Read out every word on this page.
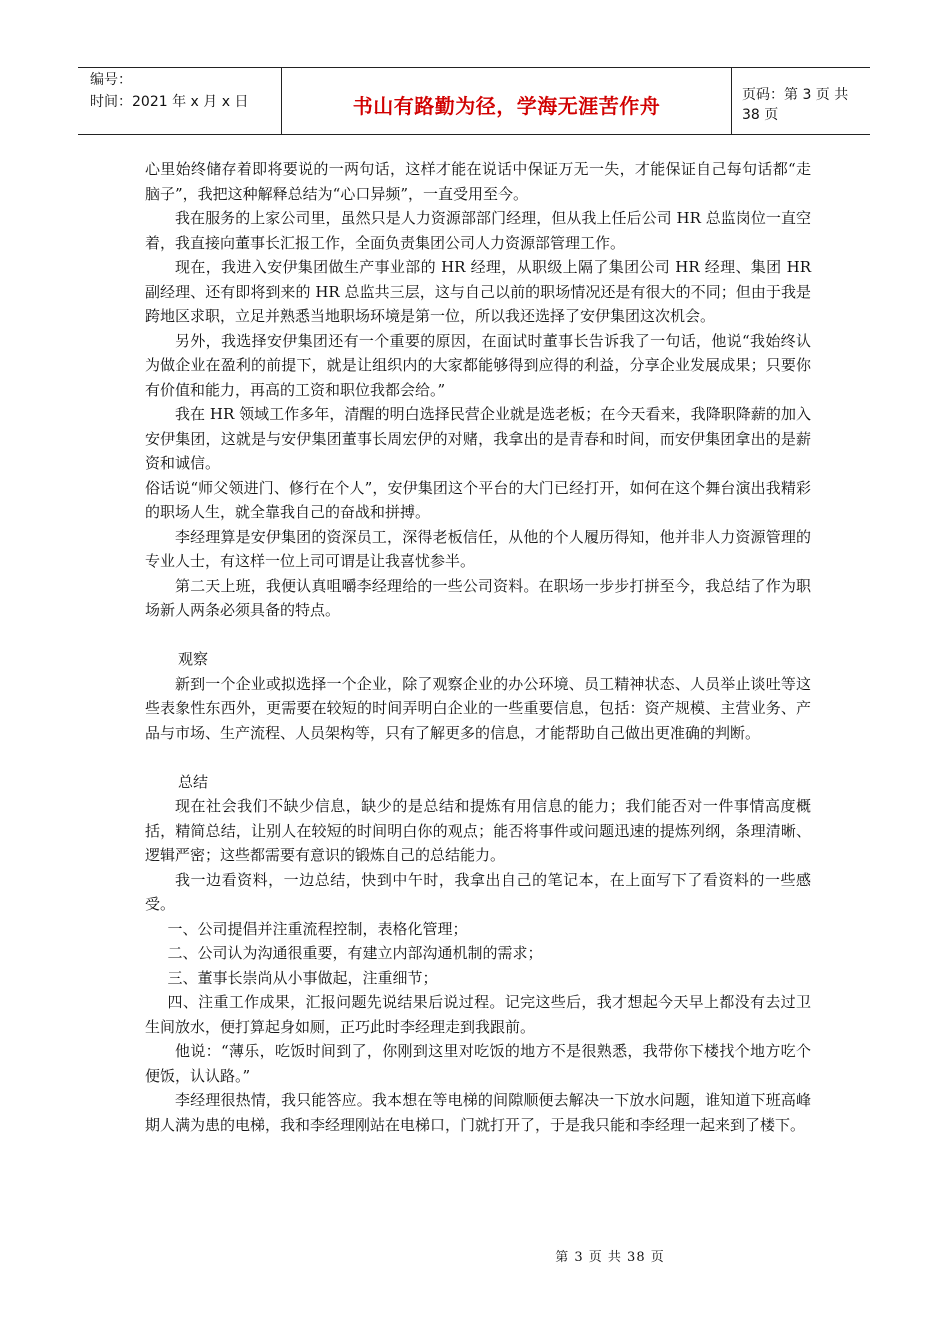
编号：
时间：2021 年 x 月 x 日	书山有路勤为径，学海无涯苦作舟	页码：第 3 页 共 38 页

心里始终储存着即将要说的一两句话，这样才能在说话中保证万无一失，才能保证自己每句话都“走脑子”，我把这种解释总结为“心口异频”，一直受用至今。

我在服务的上家公司里，虽然只是人力资源部部门经理，但从我上任后公司 HR 总监岗位一直空着，我直接向董事长汇报工作，全面负责集团公司人力资源部管理工作。

现在，我进入安伊集团做生产事业部的 HR 经理，从职级上隔了集团公司 HR 经理、集团 HR 副经理、还有即将到来的 HR 总监共三层，这与自己以前的职场情况还是有很大的不同；但由于我是跨地区求职，立足并熟悉当地职场环境是第一位，所以我还选择了安伊集团这次机会。

另外，我选择安伊集团还有一个重要的原因，在面试时董事长告诉我了一句话，他说“我始终认为做企业在盈利的前提下，就是让组织内的大家都能够得到应得的利益，分享企业发展成果；只要你有价值和能力，再高的工资和职位我都会给。”

我在 HR 领域工作多年，清醒的明白选择民营企业就是选老板；在今天看来，我降职降薪的加入安伊集团，这就是与安伊集团董事长周宏伊的对赌，我拿出的是青春和时间，而安伊集团拿出的是薪资和诚信。

俗话说“师父领进门、修行在个人”，安伊集团这个平台的大门已经打开，如何在这个舞台演出我精彩的职场人生，就全靠我自己的奋战和拼搏。

李经理算是安伊集团的资深员工，深得老板信任，从他的个人履历得知，他并非人力资源管理的专业人士，有这样一位上司可谓是让我喜忧参半。

第二天上班，我便认真咀嚼李经理给的一些公司资料。在职场一步步打拼至今，我总结了作为职场新人两条必须具备的特点。

观察

新到一个企业或拟选择一个企业，除了观察企业的办公环境、员工精神状态、人员举止谈吐等这些表象性东西外，更需要在较短的时间弄明白企业的一些重要信息，包括：资产规模、主营业务、产品与市场、生产流程、人员架构等，只有了解更多的信息，才能帮助自己做出更准确的判断。

总结

现在社会我们不缺少信息，缺少的是总结和提炼有用信息的能力；我们能否对一件事情高度概括，精简总结，让别人在较短的时间明白你的观点；能否将事件或问题迅速的提炼列纲，条理清晰、逻辑严密；这些都需要有意识的锻炼自己的总结能力。

我一边看资料，一边总结，快到中午时，我拿出自己的笔记本，在上面写下了看资料的一些感受。

一、公司提倡并注重流程控制，表格化管理；

二、公司认为沟通很重要，有建立内部沟通机制的需求；

三、董事长崇尚从小事做起，注重细节；

四、注重工作成果，汇报问题先说结果后说过程。记完这些后，我才想起今天早上都没有去过卫生间放水，便打算起身如厕，正巧此时李经理走到我跟前。

他说：“薄乐，吃饭时间到了，你刚到这里对吃饭的地方不是很熟悉，我带你下楼找个地方吃个便饭，认认路。”

李经理很热情，我只能答应。我本想在等电梯的间隙顺便去解决一下放水问题，谁知道下班高峰期人满为患的电梯，我和李经理刚站在电梯口，门就打开了，于是我只能和李经理一起来到了楼下。

第 3 页 共 38 页
